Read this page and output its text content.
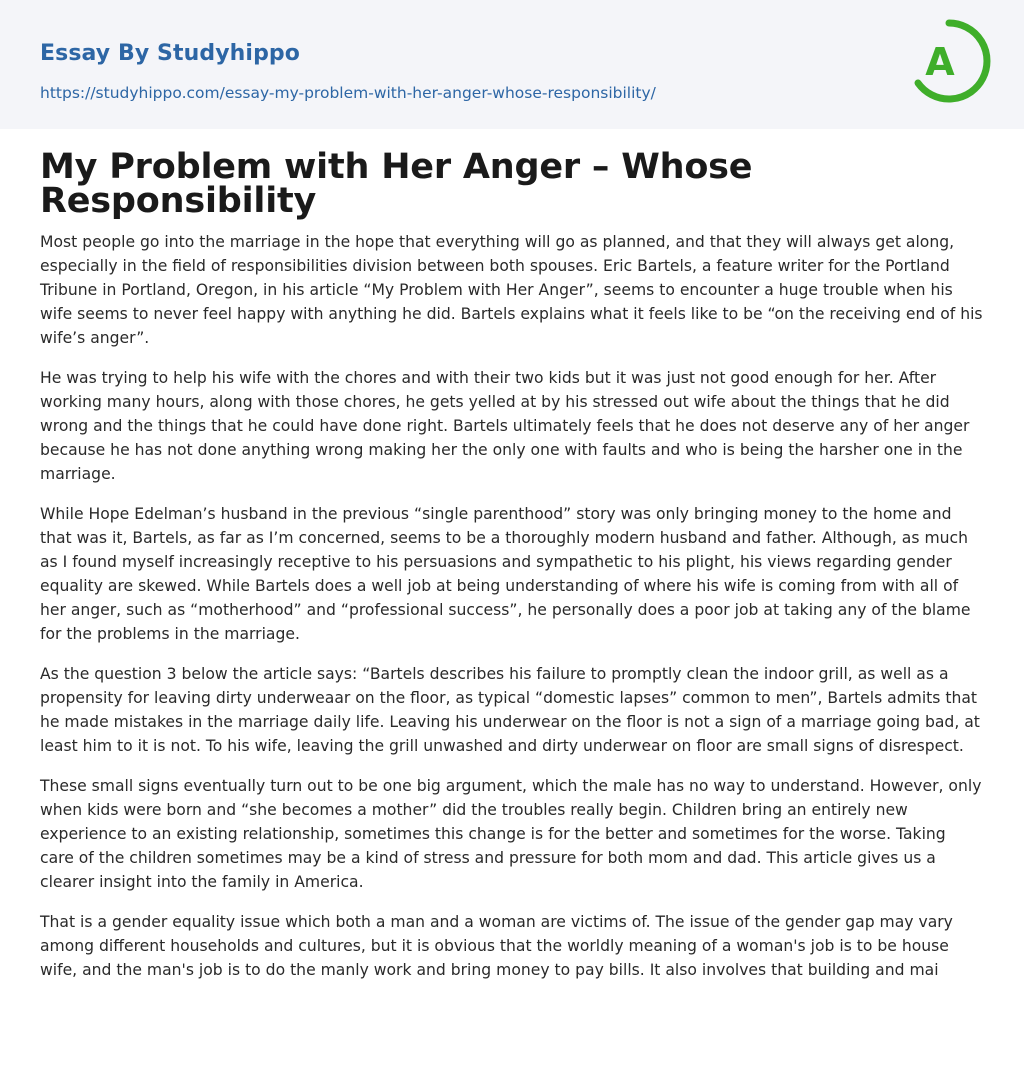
Essay By Studyhippo
https://studyhippo.com/essay-my-problem-with-her-anger-whose-responsibility/
A
My Problem with Her Anger – Whose Responsibility

Most people go into the marriage in the hope that everything will go as planned, and that they will always get along, especially in the field of responsibilities division between both spouses. Eric Bartels, a feature writer for the Portland Tribune in Portland, Oregon, in his article “My Problem with Her Anger”, seems to encounter a huge trouble when his wife seems to never feel happy with anything he did. Bartels explains what it feels like to be “on the receiving end of his wife’s anger”.

He was trying to help his wife with the chores and with their two kids but it was just not good enough for her. After working many hours, along with those chores, he gets yelled at by his stressed out wife about the things that he did wrong and the things that he could have done right. Bartels ultimately feels that he does not deserve any of her anger because he has not done anything wrong making her the only one with faults and who is being the harsher one in the marriage.

While Hope Edelman’s husband in the previous “single parenthood” story was only bringing money to the home and that was it, Bartels, as far as I’m concerned, seems to be a thoroughly modern husband and father. Although, as much as I found myself increasingly receptive to his persuasions and sympathetic to his plight, his views regarding gender equality are skewed. While Bartels does a well job at being understanding of where his wife is coming from with all of her anger, such as “motherhood” and “professional success”, he personally does a poor job at taking any of the blame for the problems in the marriage.

As the question 3 below the article says: “Bartels describes his failure to promptly clean the indoor grill, as well as a propensity for leaving dirty underweaar on the floor, as typical “domestic lapses” common to men”, Bartels admits that he made mistakes in the marriage daily life. Leaving his underwear on the floor is not a sign of a marriage going bad, at least him to it is not. To his wife, leaving the grill unwashed and dirty underwear on floor are small signs of disrespect.

These small signs eventually turn out to be one big argument, which the male has no way to understand. However, only when kids were born and “she becomes a mother” did the troubles really begin. Children bring an entirely new experience to an existing relationship, sometimes this change is for the better and sometimes for the worse. Taking care of the children sometimes may be a kind of stress and pressure for both mom and dad. This article gives us a clearer insight into the family in America.

That is a gender equality issue which both a man and a woman are victims of. The issue of the gender gap may vary among different households and cultures, but it is obvious that the worldly meaning of a woman's job is to be house wife, and the man's job is to do the manly work and bring money to pay bills. It also involves that building and mai
